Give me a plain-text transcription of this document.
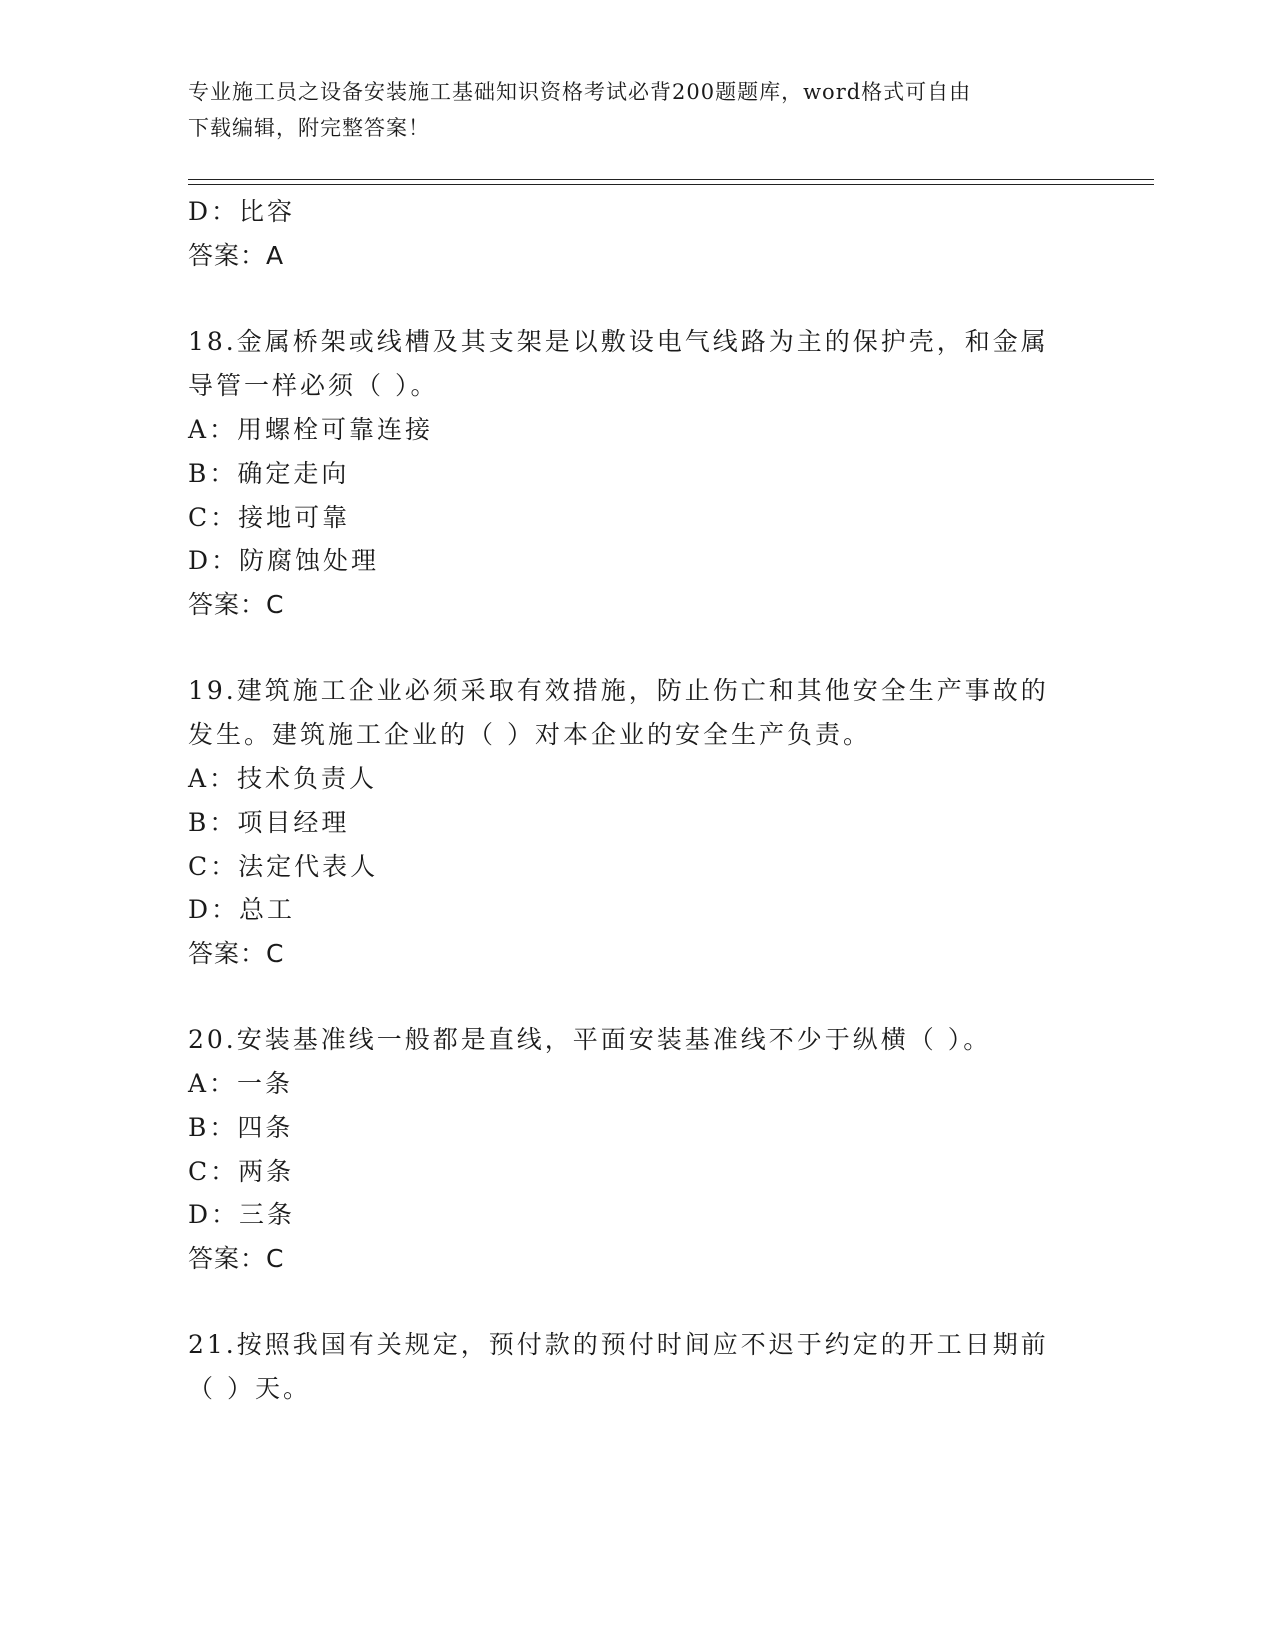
专业施工员之设备安装施工基础知识资格考试必背200题题库，word格式可自由
下载编辑，附完整答案！
D：比容
答案：A
18.金属桥架或线槽及其支架是以敷设电气线路为主的保护壳，和金属
导管一样必须（ ）。
A：用螺栓可靠连接
B：确定走向
C：接地可靠
D：防腐蚀处理
答案：C
19.建筑施工企业必须采取有效措施，防止伤亡和其他安全生产事故的
发生。建筑施工企业的（ ）对本企业的安全生产负责。
A：技术负责人
B：项目经理
C：法定代表人
D：总工
答案：C
20.安装基准线一般都是直线，平面安装基准线不少于纵横（ ）。
A：一条
B：四条
C：两条
D：三条
答案：C
21.按照我国有关规定，预付款的预付时间应不迟于约定的开工日期前
（ ）天。
